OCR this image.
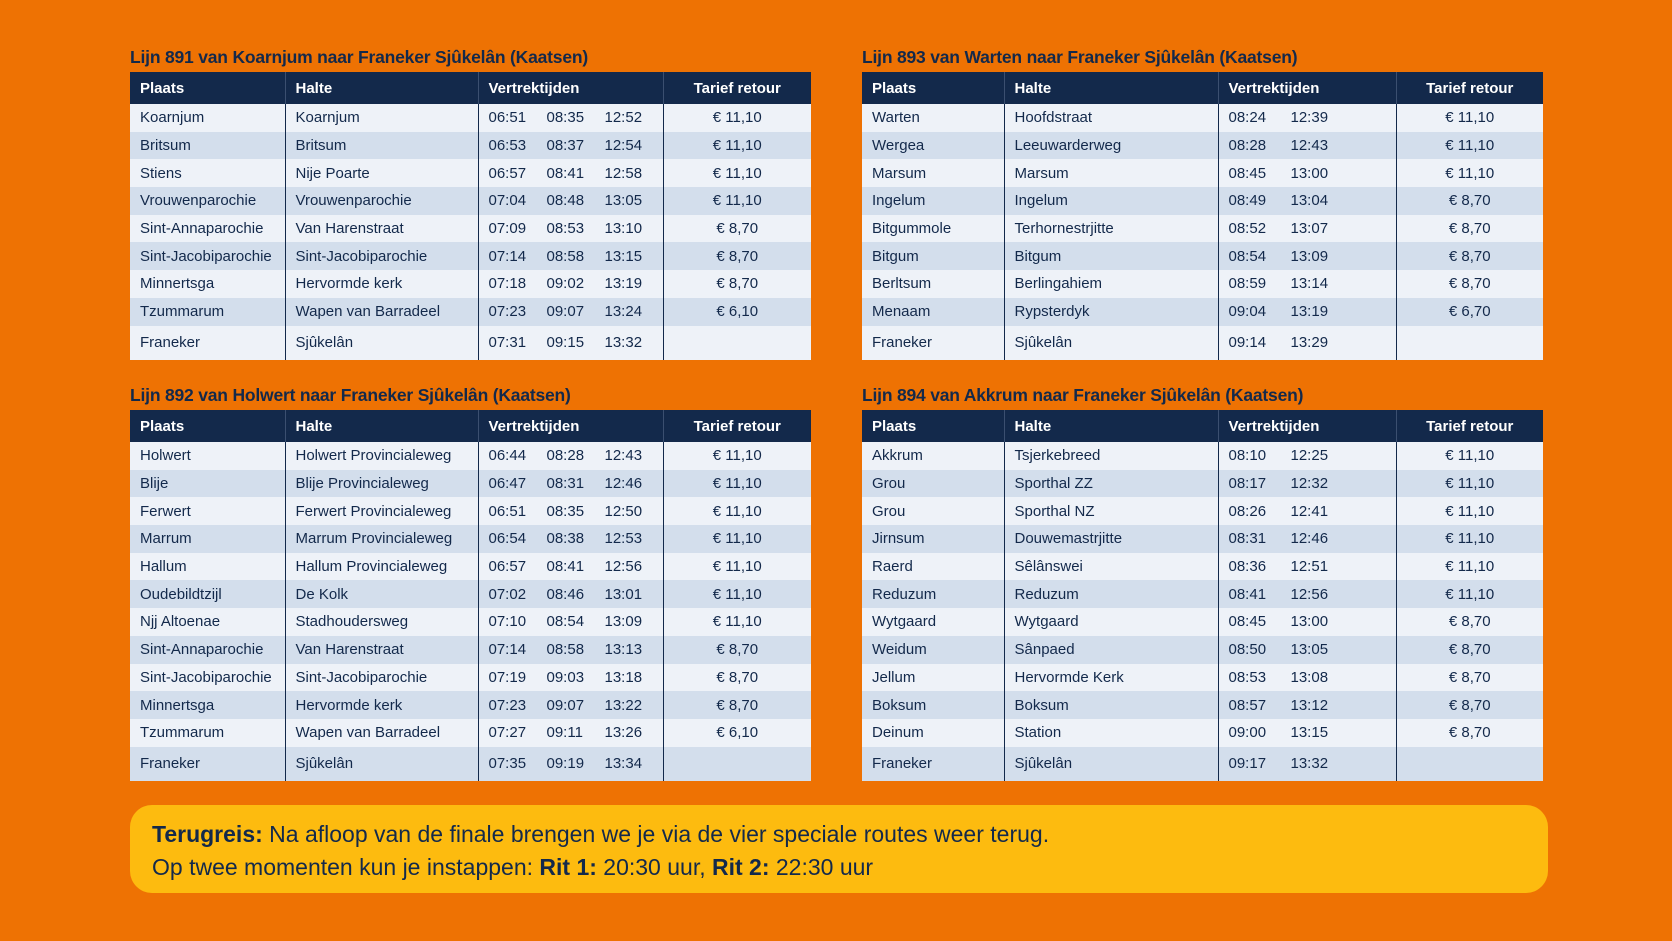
Lijn 891 van Koarnjum naar Franeker Sjûkelân (Kaatsen)
Plaats	Halte	Vertrektijden	Tarief retour
Koarnjum	Koarnjum	06:51 08:35 12:52	€ 11,10
Britsum	Britsum	06:53 08:37 12:54	€ 11,10
Stiens	Nije Poarte	06:57 08:41 12:58	€ 11,10
Vrouwenparochie	Vrouwenparochie	07:04 08:48 13:05	€ 11,10
Sint-Annaparochie	Van Harenstraat	07:09 08:53 13:10	€ 8,70
Sint-Jacobiparochie	Sint-Jacobiparochie	07:14 08:58 13:15	€ 8,70
Minnertsga	Hervormde kerk	07:18 09:02 13:19	€ 8,70
Tzummarum	Wapen van Barradeel	07:23 09:07 13:24	€ 6,10
Franeker	Sjûkelân	07:31 09:15 13:32	

Lijn 893 van Warten naar Franeker Sjûkelân (Kaatsen)
Plaats	Halte	Vertrektijden	Tarief retour
Warten	Hoofdstraat	08:24 12:39	€ 11,10
Wergea	Leeuwarderweg	08:28 12:43	€ 11,10
Marsum	Marsum	08:45 13:00	€ 11,10
Ingelum	Ingelum	08:49 13:04	€ 8,70
Bitgummole	Terhornestrjitte	08:52 13:07	€ 8,70
Bitgum	Bitgum	08:54 13:09	€ 8,70
Berltsum	Berlingahiem	08:59 13:14	€ 8,70
Menaam	Rypsterdyk	09:04 13:19	€ 6,70
Franeker	Sjûkelân	09:14 13:29	

Lijn 892 van Holwert naar Franeker Sjûkelân (Kaatsen)
Plaats	Halte	Vertrektijden	Tarief retour
Holwert	Holwert Provincialeweg	06:44 08:28 12:43	€ 11,10
Blije	Blije Provincialeweg	06:47 08:31 12:46	€ 11,10
Ferwert	Ferwert Provincialeweg	06:51 08:35 12:50	€ 11,10
Marrum	Marrum Provincialeweg	06:54 08:38 12:53	€ 11,10
Hallum	Hallum Provincialeweg	06:57 08:41 12:56	€ 11,10
Oudebildtzijl	De Kolk	07:02 08:46 13:01	€ 11,10
Njj Altoenae	Stadhoudersweg	07:10 08:54 13:09	€ 11,10
Sint-Annaparochie	Van Harenstraat	07:14 08:58 13:13	€ 8,70
Sint-Jacobiparochie	Sint-Jacobiparochie	07:19 09:03 13:18	€ 8,70
Minnertsga	Hervormde kerk	07:23 09:07 13:22	€ 8,70
Tzummarum	Wapen van Barradeel	07:27 09:11 13:26	€ 6,10
Franeker	Sjûkelân	07:35 09:19 13:34	

Lijn 894 van Akkrum naar Franeker Sjûkelân (Kaatsen)
Plaats	Halte	Vertrektijden	Tarief retour
Akkrum	Tsjerkebreed	08:10 12:25	€ 11,10
Grou	Sporthal ZZ	08:17 12:32	€ 11,10
Grou	Sporthal NZ	08:26 12:41	€ 11,10
Jirnsum	Douwemastrjitte	08:31 12:46	€ 11,10
Raerd	Sêlânswei	08:36 12:51	€ 11,10
Reduzum	Reduzum	08:41 12:56	€ 11,10
Wytgaard	Wytgaard	08:45 13:00	€ 8,70
Weidum	Sânpaed	08:50 13:05	€ 8,70
Jellum	Hervormde Kerk	08:53 13:08	€ 8,70
Boksum	Boksum	08:57 13:12	€ 8,70
Deinum	Station	09:00 13:15	€ 8,70
Franeker	Sjûkelân	09:17 13:32	

Terugreis: Na afloop van de finale brengen we je via de vier speciale routes weer terug.

Op twee momenten kun je instappen: Rit 1: 20:30 uur, Rit 2: 22:30 uur
